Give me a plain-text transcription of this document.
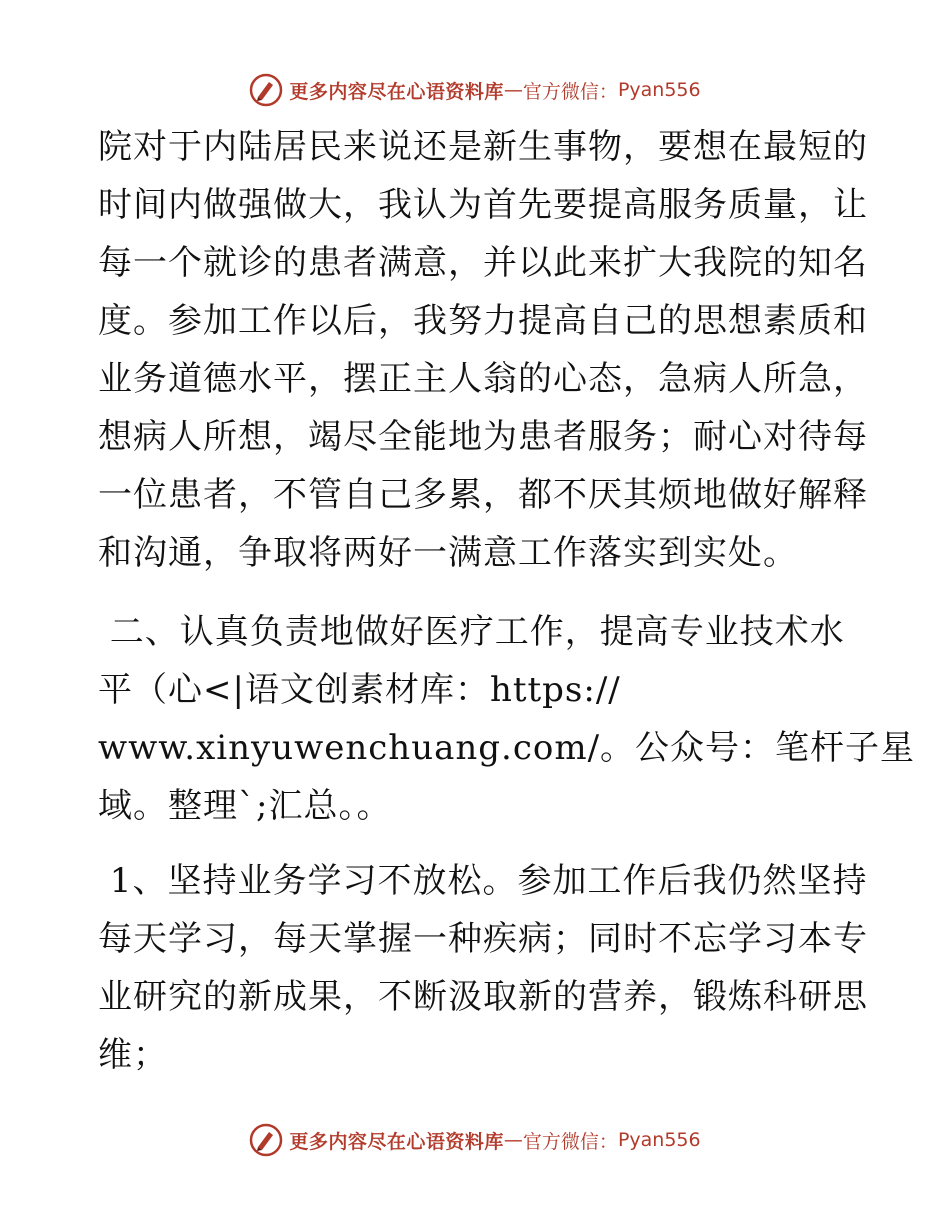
更多内容尽在心语资料库 — 官方微信： Pyan556
院对于内陆居民来说还是新生事物，要想在最短的
时间内做强做大，我认为首先要提高服务质量，让
每一个就诊的患者满意，并以此来扩大我院的知名
度。参加工作以后，我努力提高自己的思想素质和
业务道德水平，摆正主人翁的心态，急病人所急，
想病人所想，竭尽全能地为患者服务；耐心对待每
一位患者，不管自己多累，都不厌其烦地做好解释
和沟通，争取将两好一满意工作落实到实处。
二、认真负责地做好医疗工作，提高专业技术水
平（心<|语文创素材库：https://
www.xinyuwenchuang.com/。公众号：笔杆子星
域。整理`;汇总。。
1、坚持业务学习不放松。参加工作后我仍然坚持
每天学习，每天掌握一种疾病；同时不忘学习本专
业研究的新成果，不断汲取新的营养，锻炼科研思
维；
更多内容尽在心语资料库 — 官方微信： Pyan556
